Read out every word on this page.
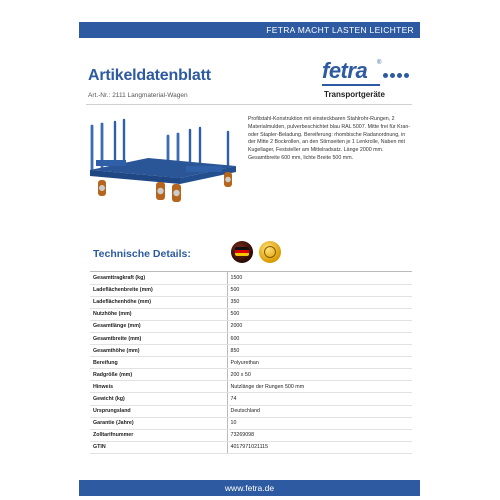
FETRA MACHT LASTEN LEICHTER
Artikeldatenblatt
Art.-Nr.: 2111 Langmaterial-Wagen
fetra ®
Transportgeräte
Profilstahl-Konstruktion mit einsteckbaren Stahlrohr-Rungen, 2 Materialmulden, pulverbeschichtet blau RAL 5007. Mitte frei für Kran- oder Stapler-Beladung. Bereiferung: rhombische Radanordnung, in der Mitte 2 Bockrollen, an den Stirnseiten je 1 Lenkrolle, Naben mit Kugellager, Feststeller am Mittelradsatz. Länge 2000 mm. Gesamtbreite 600 mm, lichte Breite 500 mm.
Technische Details:
Gesamttragkraft (kg)	1500
Ladeflächenbreite (mm)	500
Ladeflächenhöhe (mm)	350
Nutzhöhe (mm)	500
Gesamtlänge (mm)	2000
Gesamtbreite (mm)	600
Gesamthöhe (mm)	850
Bereifung	Polyurethan
Radgröße (mm)	200 x 50
Hinweis	Nutzlänge der Rungen 500 mm
Gewicht (kg)	74
Ursprungsland	Deutschland
Garantie (Jahre)	10
Zolltarifnummer	73269098
GTIN	4017971021115
www.fetra.de
